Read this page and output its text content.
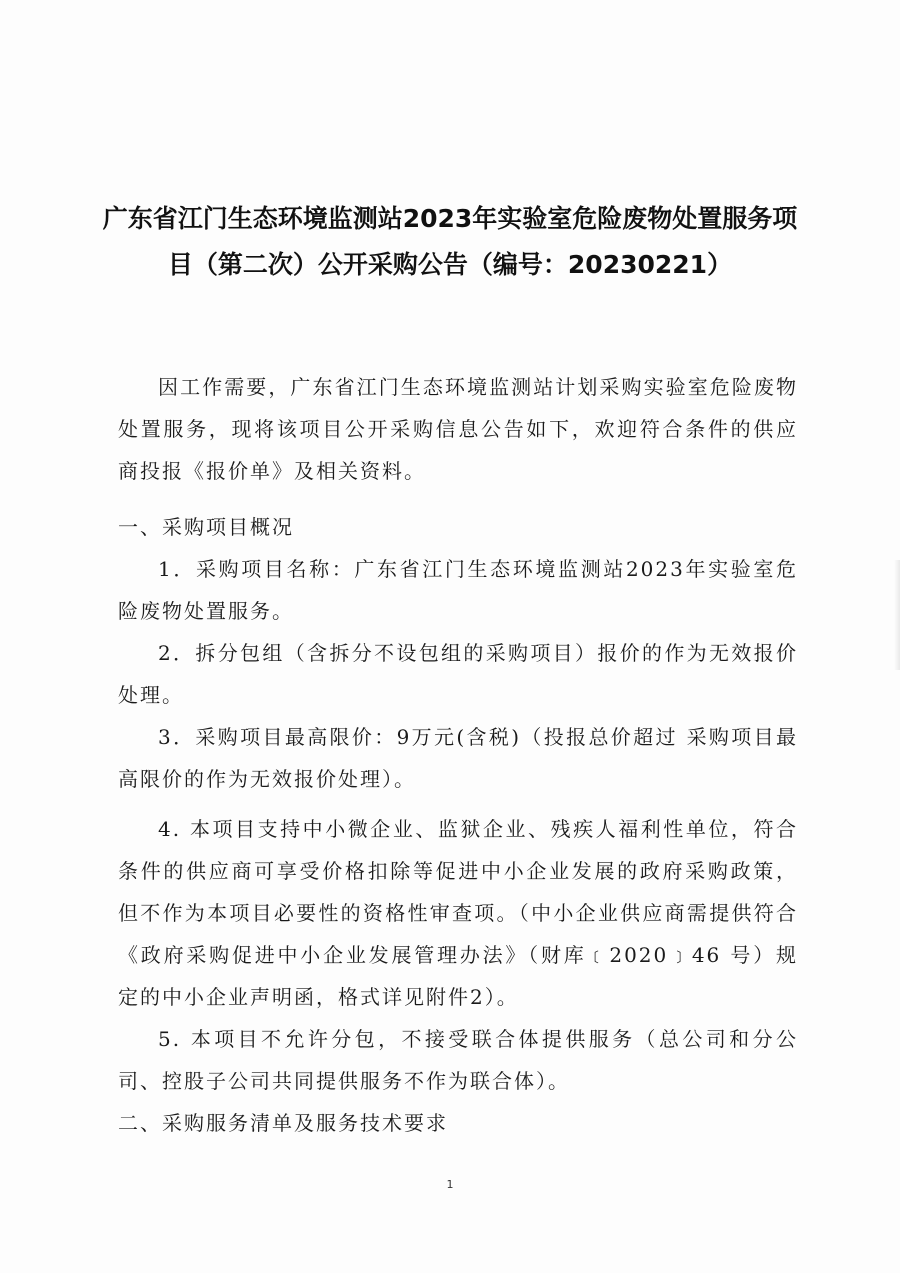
广东省江门生态环境监测站2023年实验室危险废物处置服务项
目（第二次）公开采购公告（编号：20230221）

因工作需要，广东省江门生态环境监测站计划采购实验室危险废物处置服务，现将该项目公开采购信息公告如下，欢迎符合条件的供应商投报《报价单》及相关资料。

一、采购项目概况

1．采购项目名称：广东省江门生态环境监测站2023年实验室危险废物处置服务。

2．拆分包组（含拆分不设包组的采购项目）报价的作为无效报价处理。

3．采购项目最高限价：9万元(含税)（投报总价超过 采购项目最高限价的作为无效报价处理）。

4. 本项目支持中小微企业、监狱企业、残疾人福利性单位，符合条件的供应商可享受价格扣除等促进中小企业发展的政府采购政策，但不作为本项目必要性的资格性审查项。（中小企业供应商需提供符合《政府采购促进中小企业发展管理办法》（财库﹝2020﹞46 号）规定的中小企业声明函，格式详见附件2）。

5. 本项目不允许分包，不接受联合体提供服务（总公司和分公司、控股子公司共同提供服务不作为联合体）。

二、采购服务清单及服务技术要求

1
